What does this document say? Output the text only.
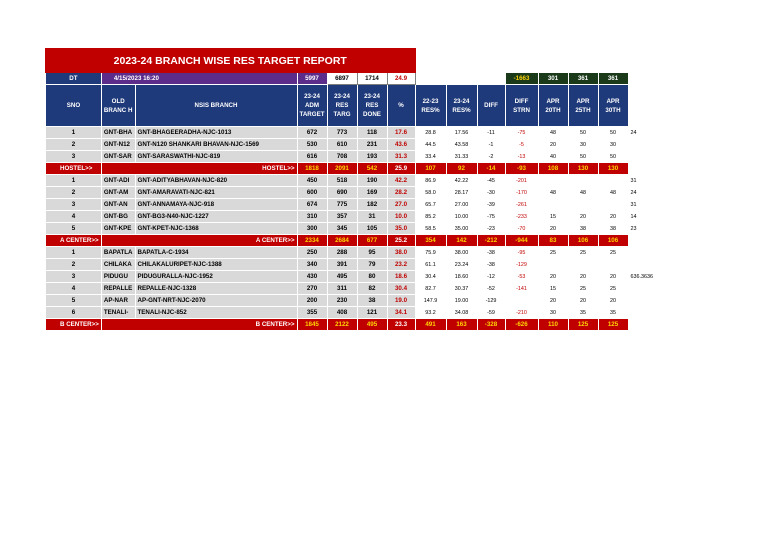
2023-24 BRANCH WISE RES TARGET REPORT														
DT	4/15/2023 16:20		5997	6897	1714	24.9				-1663	301	361	361	
SNO	OLD BRANC H	NSIS BRANCH	23-24 ADM TARGET	23-24 RES TARG	23-24 RES DONE	%	22-23 RES%	23-24 RES%	DIFF	DIFF STRN	APR 20TH	APR 25TH	APR 30TH	
1	GNT-BHA	GNT-BHAGEERADHA-NJC-1013	672	773	118	17.6	28.8	17.56	-11	-75	48	50	50	24
2	GNT-N12	GNT-N120 SHANKARI BHAVAN-NJC-1569	530	610	231	43.6	44.5	43.58	-1	-5	20	30	30	
3	GNT-SAR	GNT-SARASWATHI-NJC-819	616	708	193	31.3	33.4	31.33	-2	-13	40	50	50	
HOSTEL>>	HOSTEL>>		1818	2091	542	25.9	107	92	-14	-93	108	130	130	
1	GNT-ADI	GNT-ADITYABHAVAN-NJC-820	450	518	190	42.2	86.9	42.22	-45	-201				31
2	GNT-AM	GNT-AMARAVATI-NJC-821	600	690	169	28.2	58.0	28.17	-30	-170	48	48	48	24
3	GNT-AN	GNT-ANNAMAYA-NJC-918	674	775	182	27.0	65.7	27.00	-39	-261				31
4	GNT-BG	GNT-BG3-N40-NJC-1227	310	357	31	10.0	85.2	10.00	-75	-233	15	20	20	14
5	GNT-KPE	GNT-KPET-NJC-1368	300	345	105	35.0	58.5	35.00	-23	-70	20	38	38	23
A CENTER>>	A CENTER>>		2334	2684	677	25.2	354	142	-212	-944	83	106	106	
1	BAPATLA	BAPATLA-C-1934	250	288	95	38.0	75.9	38.00	-38	-95	25	25	25	
2	CHILAKA	CHILAKALURIPET-NJC-1388	340	391	79	23.2	61.1	23.24	-38	-129				
3	PIDUGU	PIDUGURALLA-NJC-1952	430	495	80	18.6	30.4	18.60	-12	-53	20	20	20	636.3636
4	REPALLE	REPALLE-NJC-1328	270	311	82	30.4	82.7	30.37	-52	-141	15	25	25	
5	AP-NAR	AP-GNT-NRT-NJC-2070	200	230	38	19.0	147.9	19.00	-129		20	20	20	
6	TENALI-	TENALI-NJC-852	355	408	121	34.1	93.2	34.08	-59	-210	30	35	35	
B CENTER>>	B CENTER>>		1845	2122	495	23.3	491	163	-328	-626	110	125	125	
